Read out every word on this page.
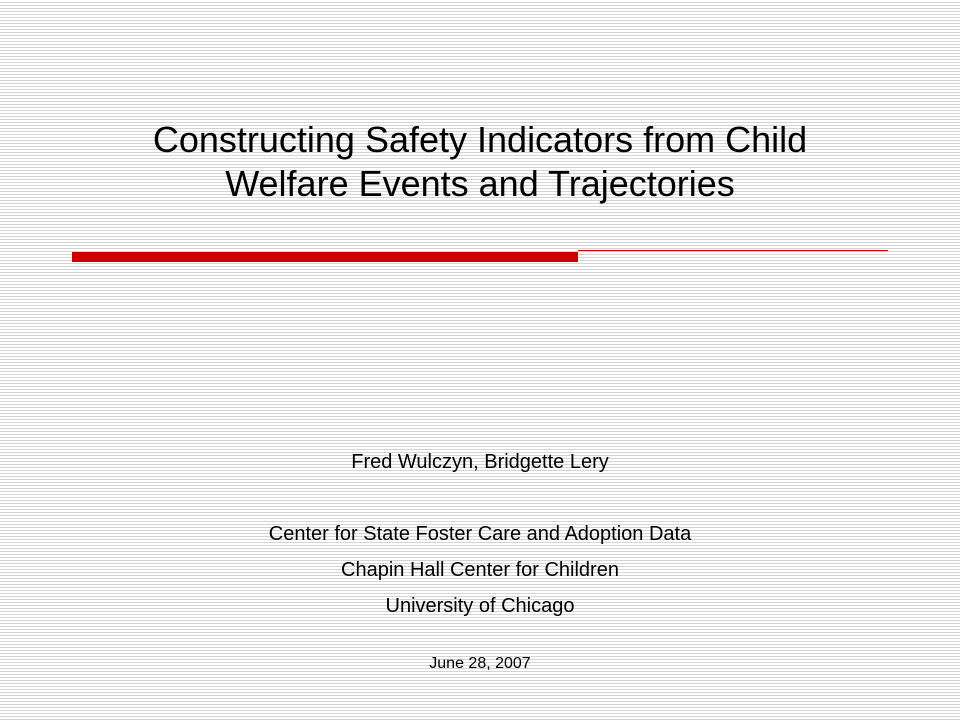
Constructing Safety Indicators from Child
Welfare Events and Trajectories
Fred Wulczyn, Bridgette Lery
Center for State Foster Care and Adoption Data
Chapin Hall Center for Children
University of Chicago
June 28, 2007
